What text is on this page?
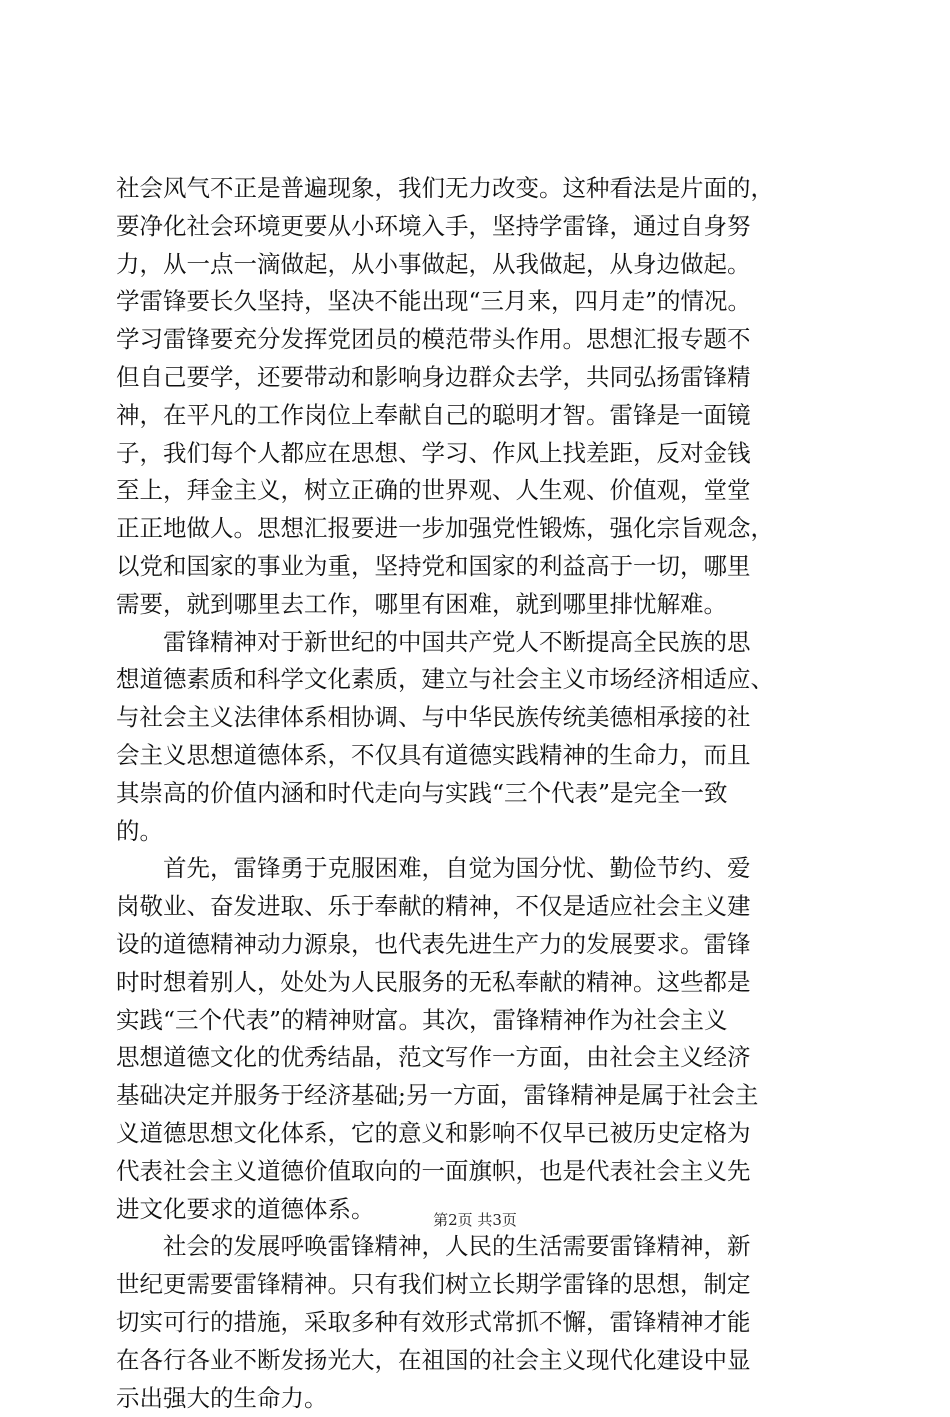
社会风气不正是普遍现象，我们无力改变。这种看法是片面的，
要净化社会环境更要从小环境入手，坚持学雷锋，通过自身努
力，从一点一滴做起，从小事做起，从我做起，从身边做起。
学雷锋要长久坚持，坚决不能出现“三月来，四月走”的情况。
学习雷锋要充分发挥党团员的模范带头作用。思想汇报专题不
但自己要学，还要带动和影响身边群众去学，共同弘扬雷锋精
神，在平凡的工作岗位上奉献自己的聪明才智。雷锋是一面镜
子，我们每个人都应在思想、学习、作风上找差距，反对金钱
至上，拜金主义，树立正确的世界观、人生观、价值观，堂堂
正正地做人。思想汇报要进一步加强党性锻炼，强化宗旨观念，
以党和国家的事业为重，坚持党和国家的利益高于一切，哪里
需要，就到哪里去工作，哪里有困难，就到哪里排忧解难。
　　雷锋精神对于新世纪的中国共产党人不断提高全民族的思
想道德素质和科学文化素质，建立与社会主义市场经济相适应、
与社会主义法律体系相协调、与中华民族传统美德相承接的社
会主义思想道德体系，不仅具有道德实践精神的生命力，而且
其崇高的价值内涵和时代走向与实践“三个代表”是完全一致
的。
　　首先，雷锋勇于克服困难，自觉为国分忧、勤俭节约、爱
岗敬业、奋发进取、乐于奉献的精神，不仅是适应社会主义建
设的道德精神动力源泉，也代表先进生产力的发展要求。雷锋
时时想着别人，处处为人民服务的无私奉献的精神。这些都是
实践“三个代表”的精神财富。其次，雷锋精神作为社会主义
思想道德文化的优秀结晶，范文写作一方面，由社会主义经济
基础决定并服务于经济基础;另一方面，雷锋精神是属于社会主
义道德思想文化体系，它的意义和影响不仅早已被历史定格为
代表社会主义道德价值取向的一面旗帜，也是代表社会主义先
进文化要求的道德体系。
　　社会的发展呼唤雷锋精神，人民的生活需要雷锋精神，新
世纪更需要雷锋精神。只有我们树立长期学雷锋的思想，制定
切实可行的措施，采取多种有效形式常抓不懈，雷锋精神才能
在各行各业不断发扬光大，在祖国的社会主义现代化建设中显
示出强大的生命力。
第2页 共3页
